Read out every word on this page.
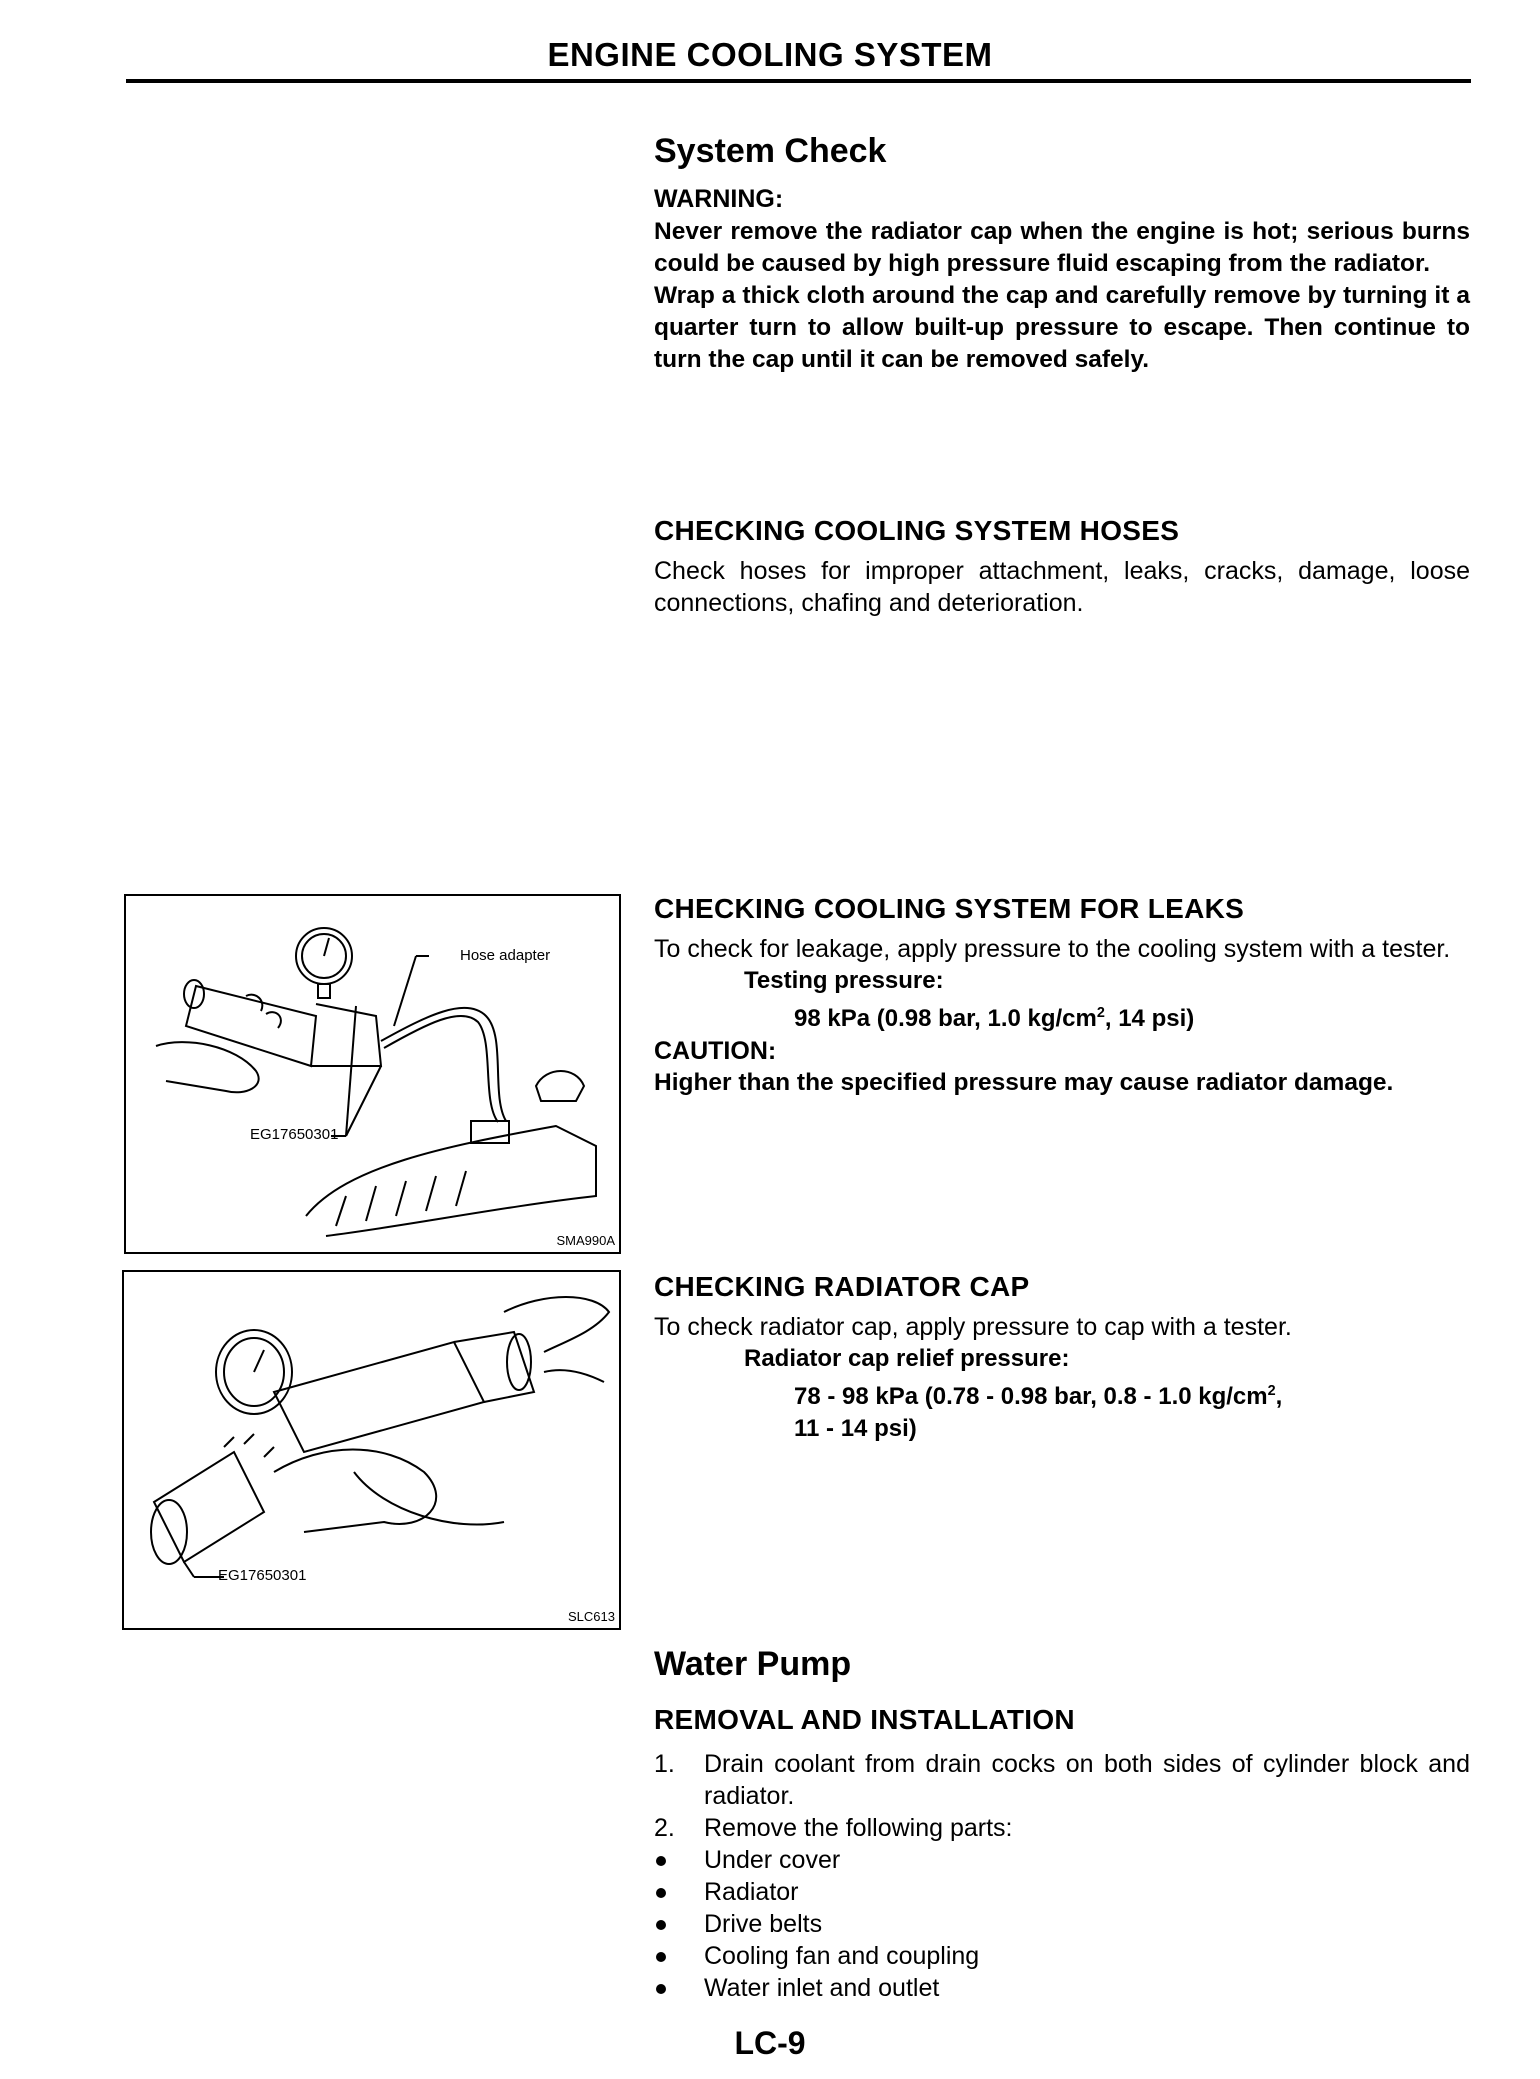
ENGINE COOLING SYSTEM
System Check

WARNING:

Never remove the radiator cap when the engine is hot; serious burns could be caused by high pressure fluid escaping from the radiator.

Wrap a thick cloth around the cap and carefully remove by turning it a quarter turn to allow built-up pressure to escape. Then continue to turn the cap until it can be removed safely.

CHECKING COOLING SYSTEM HOSES

Check hoses for improper attachment, leaks, cracks, damage, loose connections, chafing and deterioration.

Hose adapter
EG17650301
SMA990A
CHECKING COOLING SYSTEM FOR LEAKS

To check for leakage, apply pressure to the cooling system with a tester.

Testing pressure:

98 kPa (0.98 bar, 1.0 $kg/cm^2$, 14 psi)

CAUTION:

Higher than the specified pressure may cause radiator damage.

EG17650301
SLC613
CHECKING RADIATOR CAP

To check radiator cap, apply pressure to cap with a tester.

Radiator cap relief pressure:

78 - 98 kPa (0.78 - 0.98 bar, 0.8 - 1.0 $kg/cm^2$,

11 - 14 psi)

Water Pump
REMOVAL AND INSTALLATION
1. Drain coolant from drain cocks on both sides of cylinder block and radiator.
2. Remove the following parts:
Under cover
Radiator
Drive belts
Cooling fan and coupling
Water inlet and outlet
LC-9
